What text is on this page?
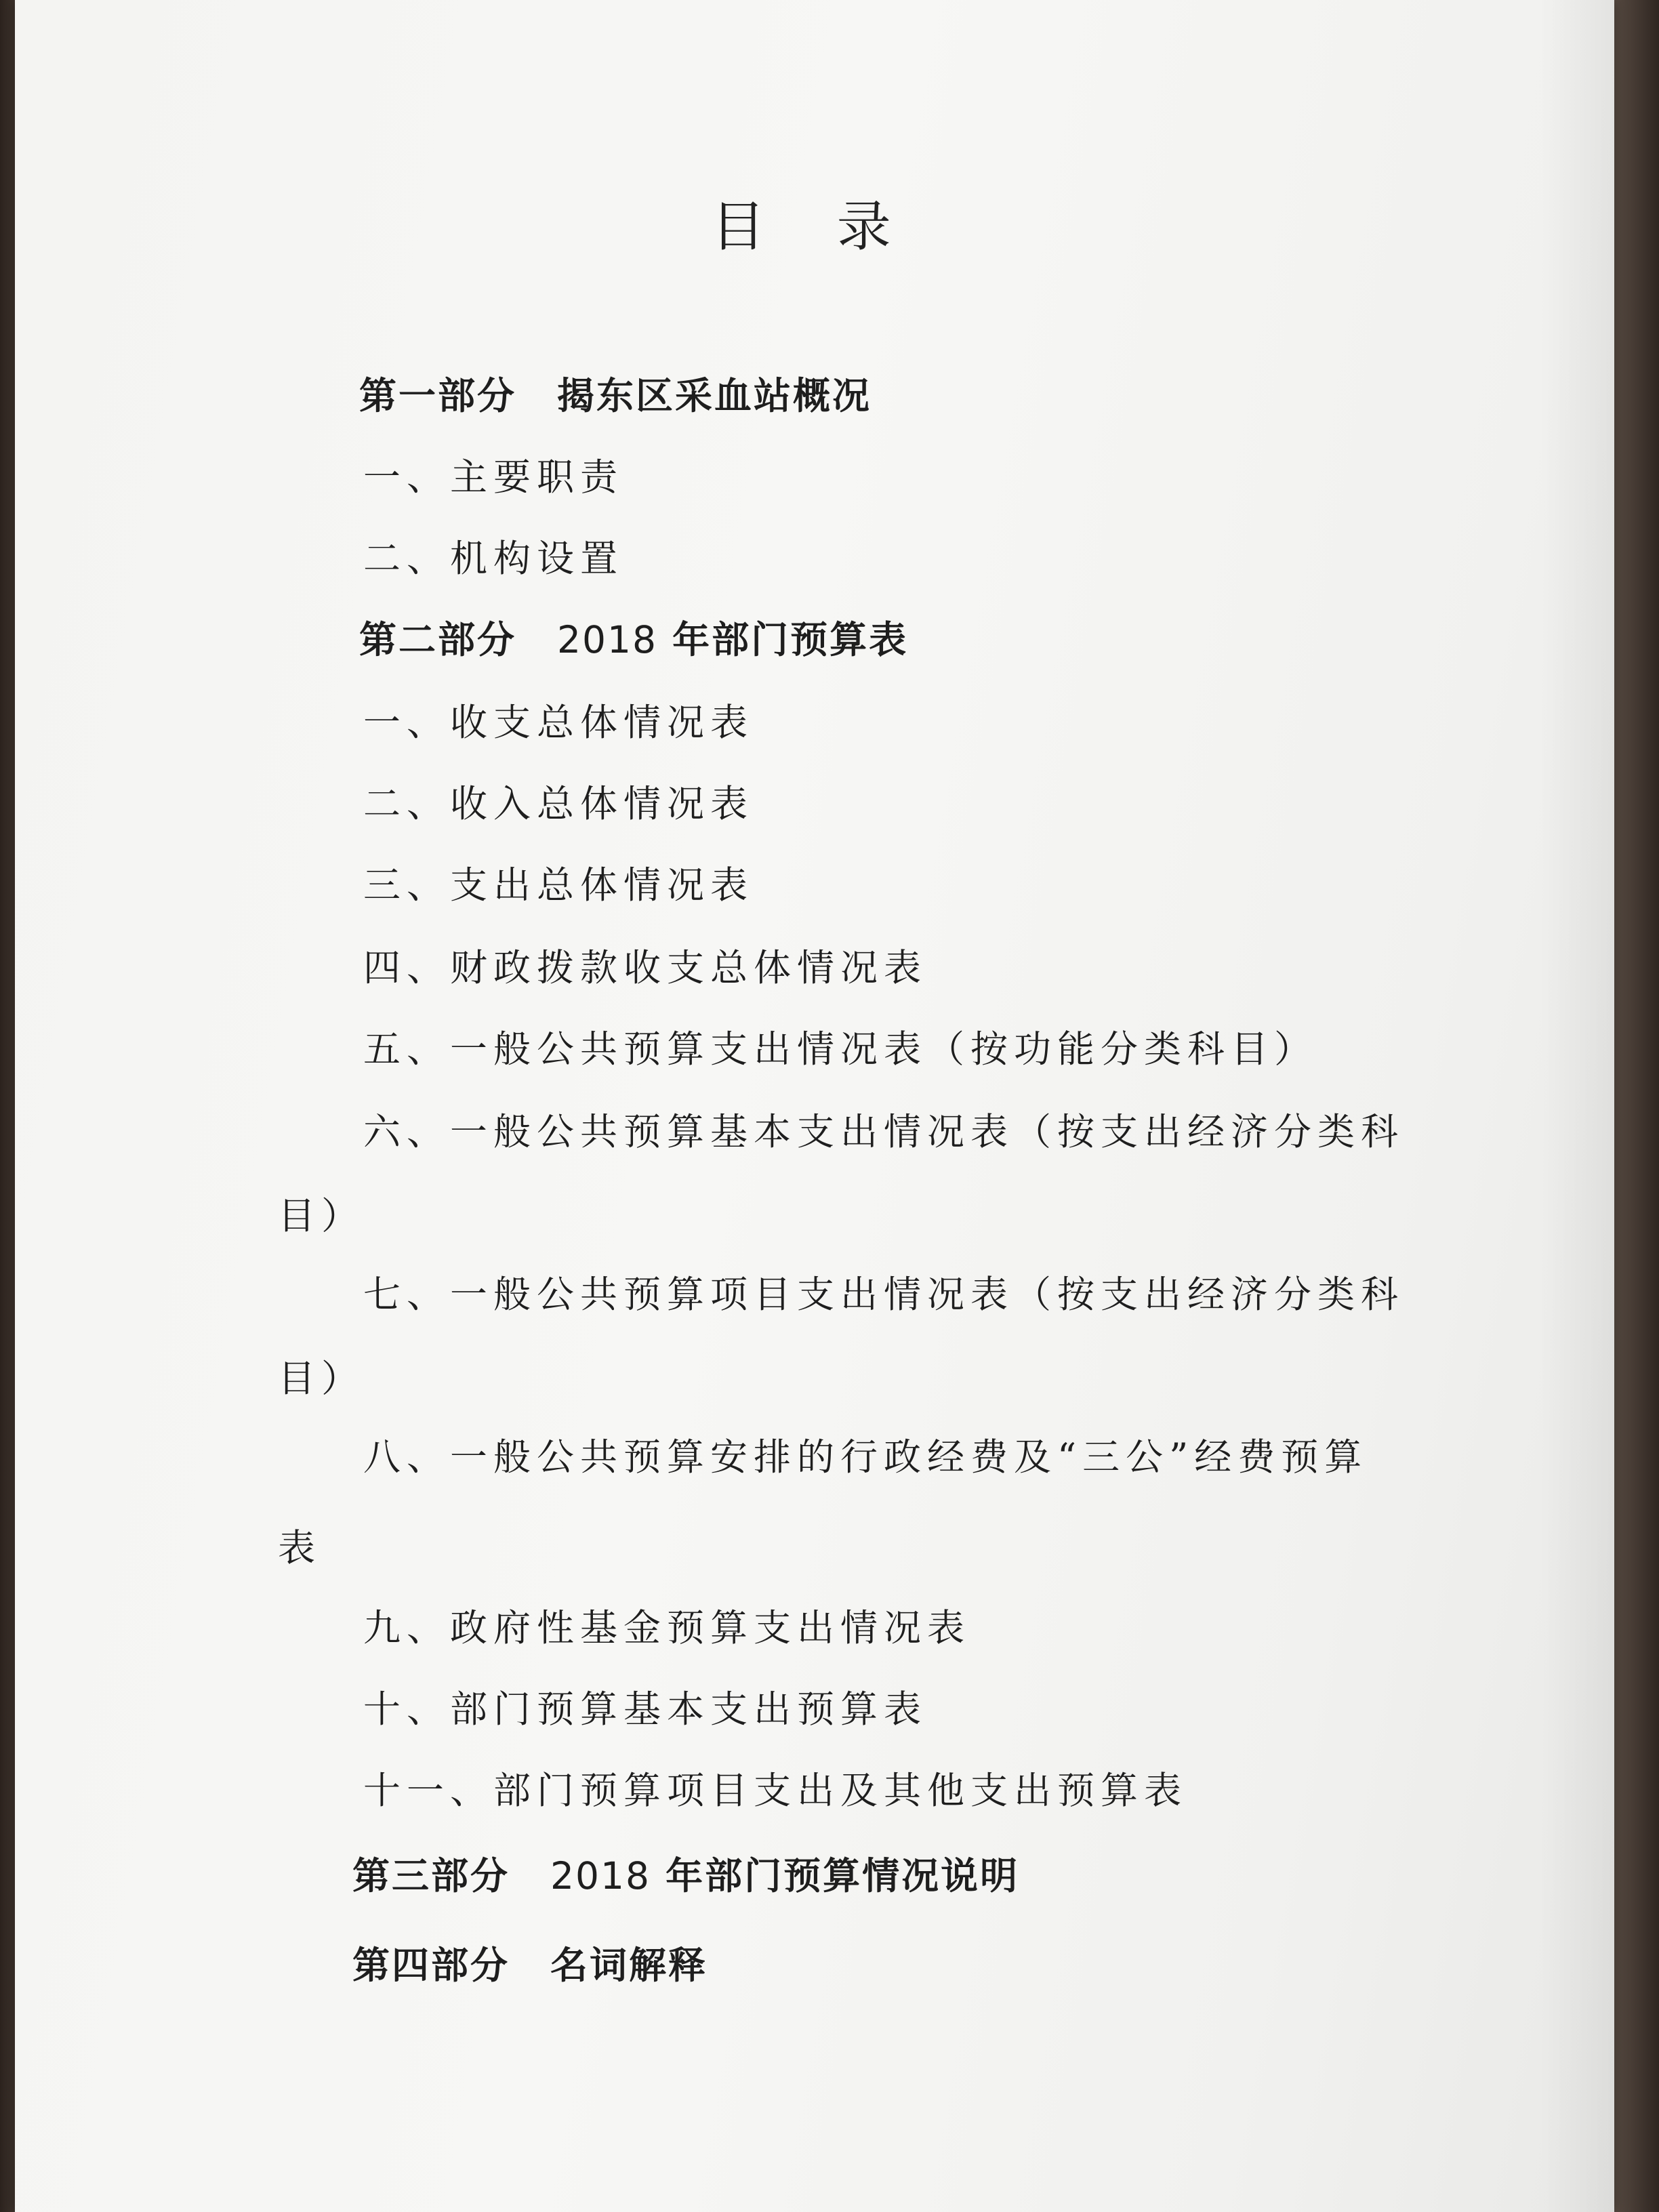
目 录
第一部分 揭东区采血站概况
一、主要职责
二、机构设置
第二部分 2018 年部门预算表
一、收支总体情况表
二、收入总体情况表
三、支出总体情况表
四、财政拨款收支总体情况表
五、一般公共预算支出情况表（按功能分类科目）
六、一般公共预算基本支出情况表（按支出经济分类科
目）
七、一般公共预算项目支出情况表（按支出经济分类科
目）
八、一般公共预算安排的行政经费及“三公”经费预算
表
九、政府性基金预算支出情况表
十、部门预算基本支出预算表
十一、部门预算项目支出及其他支出预算表
第三部分 2018 年部门预算情况说明
第四部分 名词解释
